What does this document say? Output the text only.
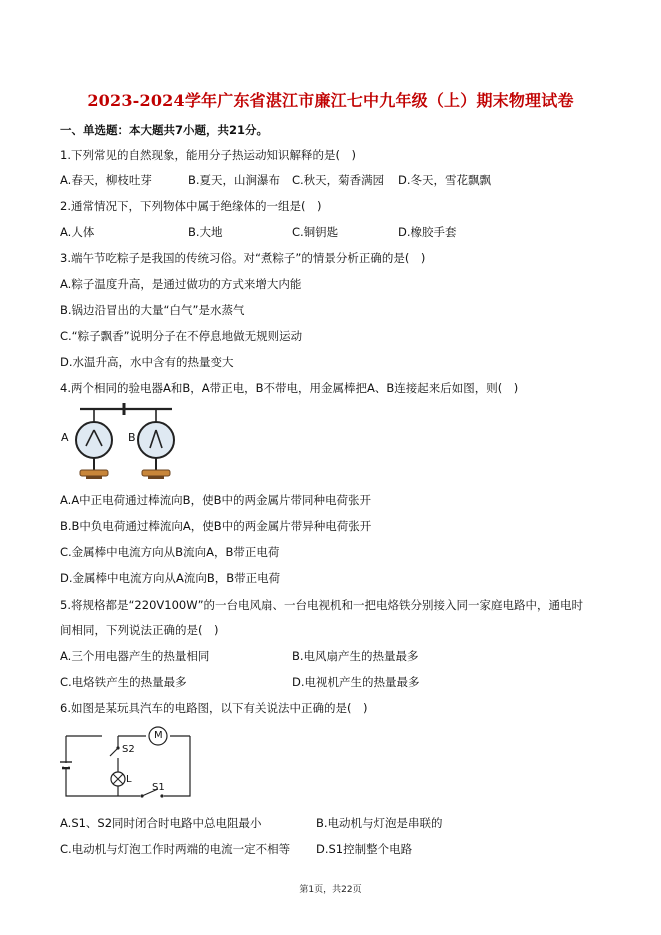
2023-2024学年广东省湛江市廉江七中九年级（上）期末物理试卷
一、单选题：本大题共7小题，共21分。
1.下列常见的自然现象，能用分子热运动知识解释的是(　)
A.春天，柳枝吐芽	B.夏天，山涧瀑布 C.秋天，菊香满园 D.冬天，雪花飘飘
2.通常情况下，下列物体中属于绝缘体的一组是(　)
A.人体	B.大地	C.铜钥匙	D.橡胶手套
3.端午节吃粽子是我国的传统习俗。对“煮粽子”的情景分析正确的是(　)
A.粽子温度升高，是通过做功的方式来增大内能
B.锅边沿冒出的大量“白气”是水蒸气
C.“粽子飘香”说明分子在不停息地做无规则运动
D.水温升高，水中含有的热量变大
4.两个相同的验电器A和B，A带正电，B不带电，用金属棒把A、B连接起来后如图，则(　)
A	B
A.A中正电荷通过棒流向B，使B中的两金属片带同种电荷张开
B.B中负电荷通过棒流向A，使B中的两金属片带异种电荷张开
C.金属棒中电流方向从B流向A，B带正电荷
D.金属棒中电流方向从A流向B，B带正电荷
5.将规格都是“220V100W”的一台电风扇、一台电视机和一把电烙铁分别接入同一家庭电路中，通电时
间相同，下列说法正确的是(　)
A.三个用电器产生的热量相同	B.电风扇产生的热量最多
C.电烙铁产生的热量最多	D.电视机产生的热量最多
6.如图是某玩具汽车的电路图，以下有关说法中正确的是(　)
M
S2
L
S1
A.S1、S2同时闭合时电路中总电阻最小	B.电动机与灯泡是串联的
C.电动机与灯泡工作时两端的电流一定不相等 D.S1控制整个电路
第1页，共22页
